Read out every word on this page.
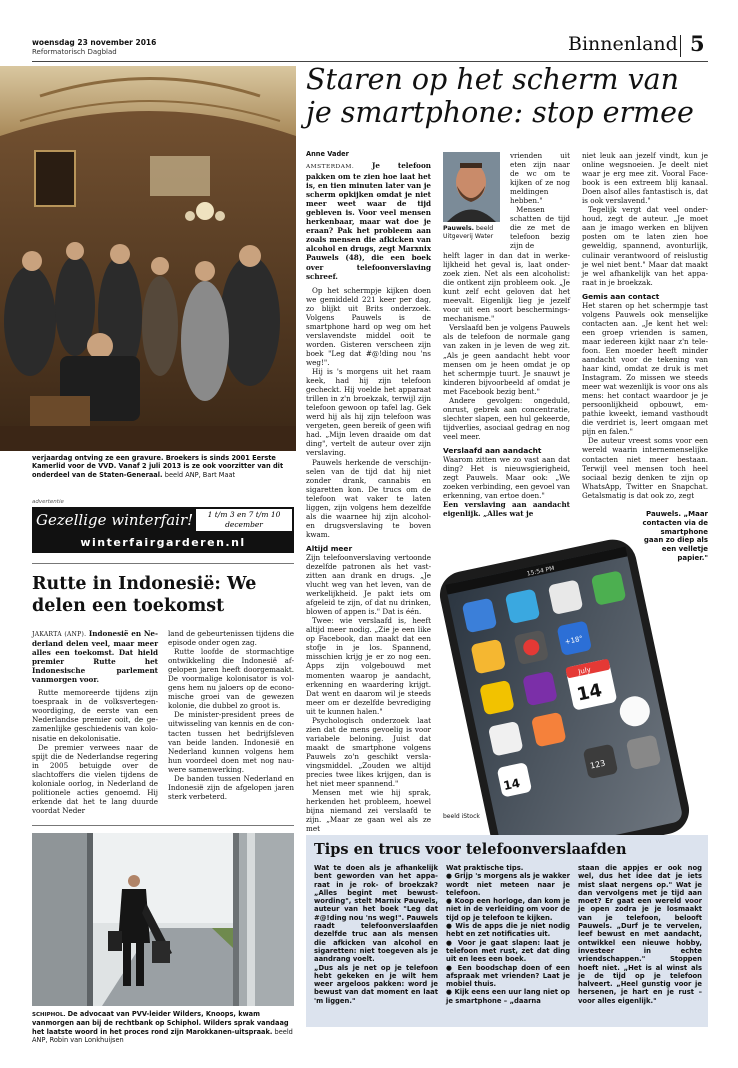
woensdag 23 november 2016
Reformatorisch Dagblad	Binnenland 5
verjaardag ontving ze een gravure. Broekers is sinds 2001 Eerste Kamerlid voor de VVD. Vanaf 2 juli 2013 is ze ook voorzitter van dit onderdeel van de Staten-Generaal. beeld ANP, Bart Maat
advertentie
Gezellige winterfair!	1 t/m 3 en 7 t/m 10 december
winterfairgarderen.nl
Rutte in Indonesië: We delen een toekomst

JAKARTA (ANP). Indonesië en Nederland delen veel, maar meer alles een toekomst. Dat hield premier Rutte het Indonesische parlement vanmorgen voor.

Rutte memoreerde tijdens zijn toespraak in de volksvertegenwoordiging, de eerste van een Nederlandse premier ooit, de gezamenlijke geschiedenis van kolonisatie en dekolonisatie.

De premier verwees naar de spijt die de Nederlandse regering in 2005 betuigde over de slachtoffers die vielen tijdens de koloniale oorlog, in Nederland de politionele acties genoemd. Hij erkende dat het te lang duurde voordat Neder

land de gebeurtenissen tijdens die episode onder ogen zag.

Rutte loofde de stormachtige ontwikkeling die Indonesië afgelopen jaren heeft doorgemaakt. De voormalige kolonisator is volgens hem nu jaloers op de economische groei van de gewezen kolonie, die dubbel zo groot is.

De minister-president prees de uitwisseling van kennis en de contacten tussen het bedrijfsleven van beide landen. Indonesië en Nederland kunnen volgens hem hun voordeel doen met nog nauwere samenwerking.

De banden tussen Nederland en Indonesië zijn de afgelopen jaren sterk verbeterd.

SCHIPHOL. De advocaat van PVV-leider Wilders, Knoops, kwam vanmorgen aan bij de rechtbank op Schiphol. Wilders sprak vandaag het laatste woord in het proces rond zijn Marokkanen-uitspraak. beeld ANP, Robin van Lonkhuijsen
Staren op het scherm van je smartphone: stop ermee
Anne Vader

AMSTERDAM. Je telefoon pakken om te zien hoe laat het is, en tien minuten later van je scherm opkijken omdat je niet meer weet waar de tijd gebleven is. Voor veel mensen herkenbaar, maar wat doe je eraan? Pak het probleem aan zoals mensen die afkicken van alcohol en drugs, zegt Marxnix Pauwels (48), die een boek over telefoonverslaving schreef.

Op het schermpje kijken doen we gemiddeld 221 keer per dag, zo blijkt uit Brits onderzoek. Volgens Pauwels is de smartphone hard op weg om het verslavendste middel ooit te worden. Gisteren verscheen zijn boek "Leg dat #@!ding nou 'ns weg!".

Hij is 's morgens uit het raam keek, had hij zijn telefoon gecheckt. Hij voelde het apparaat trillen in z'n broekzak, terwijl zijn telefoon gewoon op tafel lag. Gek werd hij als hij zijn telefoon was vergeten, geen bereik of geen wifi had. „Mijn leven draaide om dat ding", vertelt de auteur over zijn verslaving.

Pauwels herkende de verschijnselen van de tijd dat hij niet zonder drank, cannabis en sigaretten kon. De trucs om de telefoon wat vaker te laten liggen, zijn volgens hem dezelfde als die waarnee hij zijn alcohol- en drugsverslaving te boven kwam.

Altijd meer

Zijn telefoonverslaving vertoonde dezelfde patronen als het vastzitten aan drank en drugs. „Je vlucht weg van het leven, van de werkelijkheid. Je pakt iets om afgeleid te zijn, of dat nu drinken, blowen of appen is." Dat is één.

Twee: wie verslaafd is, heeft altijd meer nodig. „Zie je een like op Facebook, dan maakt dat een stofje in je los. Spannend, misschien krijg je er zo nog een. Apps zijn volgebouwd met momenten waarop je aandacht, erkenning en waardering krijgt. Dat went en daarom wil je steeds meer om er dezelfde bevrediging uit te kunnen halen."

Psychologisch onderzoek laat zien dat de mens gevoelig is voor variabele beloning. Juist dat maakt de smartphone volgens Pauwels zo'n geschikt verslavingsmiddel. „Zouden we altijd precies twee likes krijgen, dan is het niet meer spannend."

Mensen met wie hij sprak, herkenden het probleem, hoewel bijna niemand zei verslaafd te zijn. „Maar ze gaan wel als ze met

Pauwels. beeld Uitgeverij Water

vrienden uit eten zijn naar de wc om te kijken of ze nog meldingen hebben."

Mensen schatten de tijd die ze met de telefoon bezig zijn de

helft lager in dan dat in werkelijkheid het geval is, laat onderzoek zien. Net als een alcoholist: die ontkent zijn probleem ook. „Je kunt zelf echt geloven dat het meevalt. Eigenlijk lieg je jezelf voor uit een soort beschermingsmechanisme."

Verslaafd ben je volgens Pauwels als de telefoon de normale gang van zaken in je leven de weg zit. „Als je geen aandacht hebt voor mensen om je heen omdat je op het schermpje tuurt. Je snauwt je kinderen bijvoorbeeld af omdat je met Facebook bezig bent."

Andere gevolgen: ongeduld, onrust, gebrek aan concentratie, slechter slapen, een hul gekeerde, tijdverlies, asociaal gedrag en nog veel meer.

Verslaafd aan aandacht

Waarom zitten we zo vast aan dat ding? Het is nieuwsgierigheid, zegt Pauwels. Maar ook: „We zoeken verbinding, een gevoel van erkenning, van ertoe doen."

Een verslaving aan aandacht eigenlijk. „Alles wat je

niet leuk aan jezelf vindt, kun je online wegsnoeien. Je deelt niet waar je erg mee zit. Vooral Facebook is een extreem blij kanaal. Doen alsof alles fantastisch is, dat is ook verslavend."

Tegelijk vergt dat veel onderhoud, zegt de auteur. „Je moet aan je imago werken en blijven posten om te laten zien hoe geweldig, spannend, avonturlijk, culinair verantwoord of reislustig je wel niet bent." Maar dat maakt je wel afhankelijk van het apparaat in je broekzak.

Gemis aan contact

Het staren op het schermpje tast volgens Pauwels ook menselijke contacten aan. „Je kent het wel: een groep vrienden is samen, maar iedereen kijkt naar z'n telefoon. Een moeder heeft minder aandacht voor de tekening van haar kind, omdat ze druk is met Instagram. Zo missen we steeds meer wat wezenlijk is voor ons als mens: het contact waardoor je je persoonlijkheid opbouwt, empathie kweekt, iemand vasthoudt die verdriet is, leert omgaan met pijn en falen."

De auteur vreest soms voor een wereld waarin internemenselijke contacten niet meer bestaan. Terwijl veel mensen toch heel sociaal bezig denken te zijn op WhatsApp, Twitter en Snapchat. Getalsmatig is dat ook zo, zegt

Pauwels. „Maar contacten via de smartphone gaan zo diep als een velletje papier."
15:54 PM
+18°
July
14
14
123
beeld iStock
Tips en trucs voor telefoonverslaafden

Wat te doen als je afhankelijk bent geworden van het apparaat in je rok- of broekzak? „Alles begint met bewustwording", stelt Marnix Pauwels, auteur van het boek "Leg dat #@!ding nou 'ns weg!". Pauwels raadt telefoonverslaafden dezelfde truc aan als mensen die afkicken van alcohol en sigaretten: niet toegeven als je aandrang voelt.

„Dus als je net op je telefoon hebt gekeken en je wilt hem weer argeloos pakken: word je bewust van dat moment en laat 'm liggen."

Wat praktische tips.

● Grijp 's morgens als je wakker wordt niet meteen naar je telefoon.

● Koop een horloge, dan kom je niet in de verleiding om voor de tijd op je telefoon te kijken.

● Wis de apps die je niet nodig hebt en zet notificaties uit.

● Voor je gaat slapen: laat je telefoon met rust, zet dat ding uit en lees een boek.

● Een boodschap doen of een afspraak met vrienden? Laat je mobiel thuis.

● Kijk eens een uur lang niet op je smartphone – „daarna

staan die appjes er ook nog wel, dus het idee dat je iets mist slaat nergens op." Wat je dan vervolgens met je tijd aan moet? Er gaat een wereld voor je open zodra je je losmaakt van je telefoon, belooft Pauwels. „Durf je te vervelen, leef bewust en met aandacht, ontwikkel een nieuwe hobby, investeer in echte vriendschappen." Stoppen hoeft niet. „Het is al winst als je de tijd op je telefoon halveert. „Heel gunstig voor je hersenen, je hart en je rust – voor alles eigenlijk."
